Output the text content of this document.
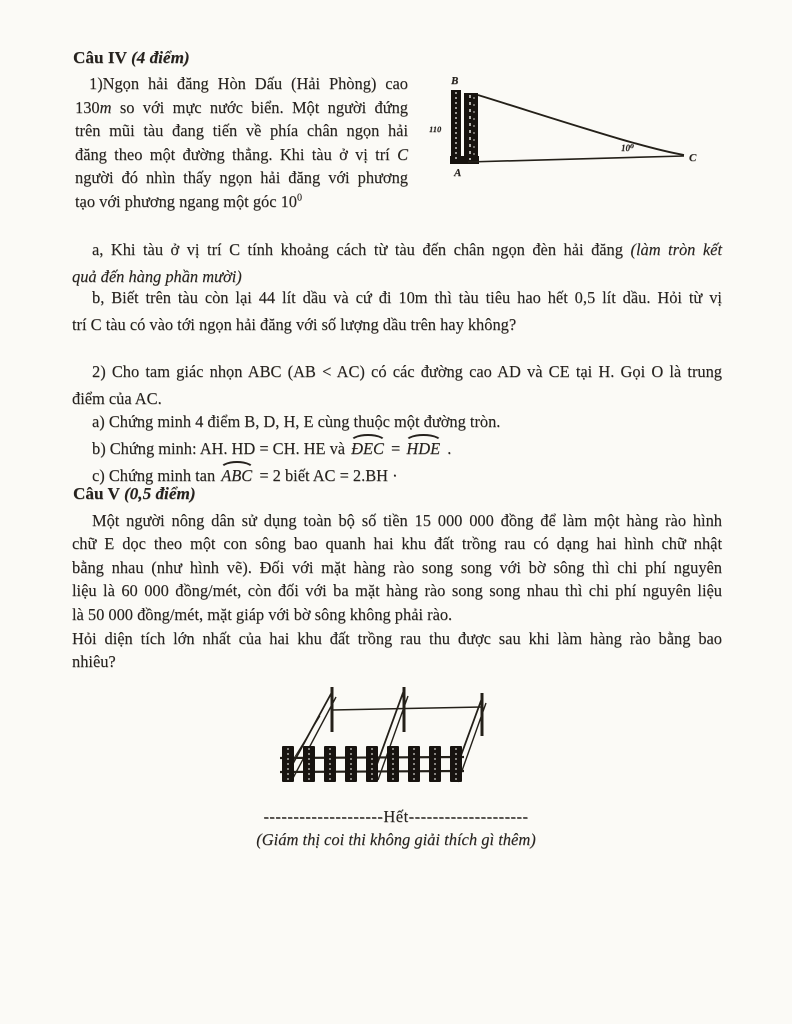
Câu IV (4 điểm)
1)Ngọn hải đăng Hòn Dấu (Hải Phòng) cao
130m so với mực nước biển. Một người đứng
trên mũi tàu đang tiến về phía chân ngọn hải
đăng theo một đường thẳng. Khi tàu ở vị trí C
người đó nhìn thấy ngọn hải đăng với phương
tạo với phương ngang một góc $10^0$
B
A
110
10⁰
C
a, Khi tàu ở vị trí C tính khoảng cách từ tàu đến chân ngọn đèn hải đăng (làm tròn kết
quả đến hàng phần mười)
b, Biết trên tàu còn lại 44 lít dầu và cứ đi 10m thì tàu tiêu hao hết 0,5 lít dầu. Hỏi từ vị
trí C tàu có vào tới ngọn hải đăng với số lượng dầu trên hay không?
2) Cho tam giác nhọn ABC (AB < AC) có các đường cao AD và CE tại H. Gọi O là trung
điểm của AC.
a) Chứng minh 4 điểm B, D, H, E cùng thuộc một đường tròn.
b) Chứng minh: AH. HD = CH. HE và ĐEC = HDE .
c) Chứng minh tan ABC = 2 biết AC = 2.BH ·
Câu V (0,5 điểm)
Một người nông dân sử dụng toàn bộ số tiền 15 000 000 đồng để làm một hàng rào hình
chữ E dọc theo một con sông bao quanh hai khu đất trồng rau có dạng hai hình chữ nhật
bằng nhau (như hình vẽ). Đối với mặt hàng rào song song với bờ sông thì chi phí nguyên
liệu là 60 000 đồng/mét, còn đối với ba mặt hàng rào song song nhau thì chi phí nguyên liệu
là 50 000 đồng/mét, mặt giáp với bờ sông không phải rào.
Hỏi diện tích lớn nhất của hai khu đất trồng rau thu được sau khi làm hàng rào bằng bao
nhiêu?
--------------------Hết--------------------
(Giám thị coi thi không giải thích gì thêm)
